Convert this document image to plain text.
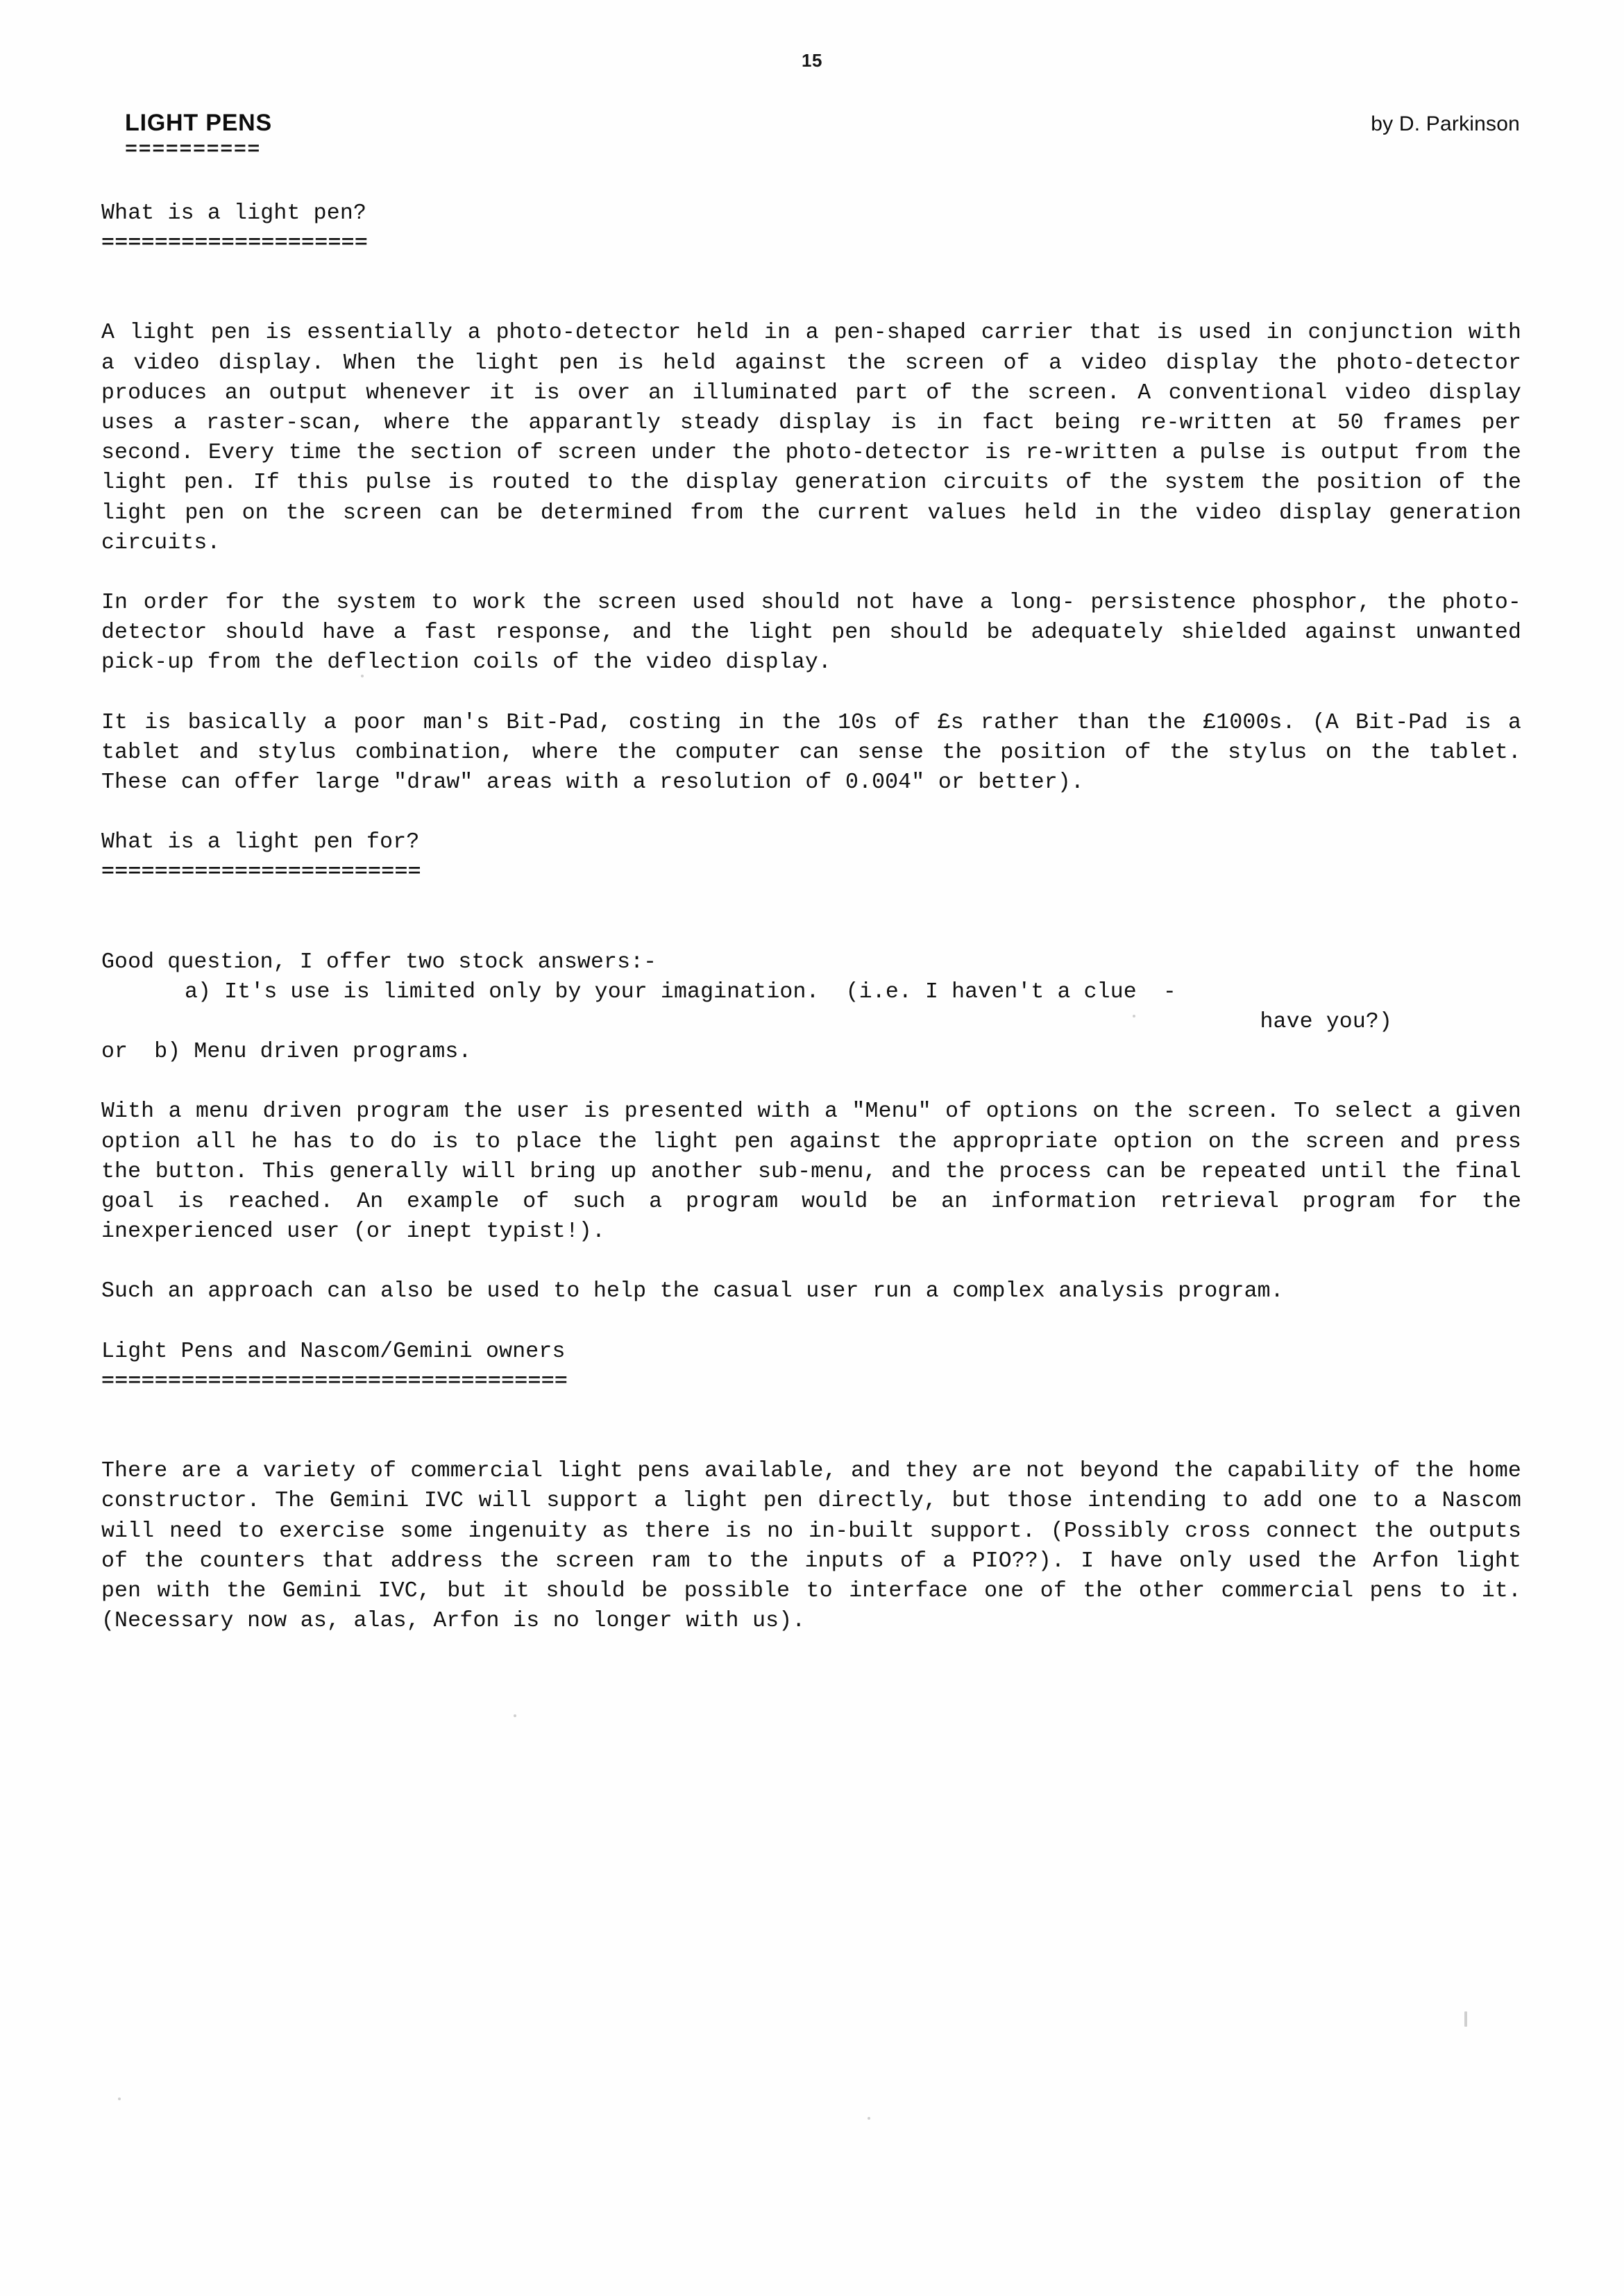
15
LIGHT PENS	by D. Parkinson
==========

What is a light pen?

====================

A light pen is essentially a photo-detector held in a pen-shaped carrier that is used in conjunction with a video display. When the light pen is held against the screen of a video display the photo-detector produces an output whenever it is over an illuminated part of the screen. A conventional video display uses a raster-scan, where the apparantly steady display is in fact being re-written at 50 frames per second. Every time the section of screen under the photo-detector is re-written a pulse is output from the light pen. If this pulse is routed to the display generation circuits of the system the position of the light pen on the screen can be determined from the current values held in the video display generation circuits.

In order for the system to work the screen used should not have a long- persistence phosphor, the photo-detector should have a fast response, and the light pen should be adequately shielded against unwanted pick-up from the deflection coils of the video display.

It is basically a poor man's Bit-Pad, costing in the 10s of £s rather than the £1000s. (A Bit-Pad is a tablet and stylus combination, where the computer can sense the position of the stylus on the tablet. These can offer large "draw" areas with a resolution of 0.004" or better).

What is a light pen for?

========================

Good question, I offer two stock answers:-

a) It's use is limited only by your imagination.  (i.e. I haven't a clue  -

have you?)

or  b) Menu driven programs.

With a menu driven program the user is presented with a "Menu" of options on the screen. To select a given option all he has to do is to place the light pen against the appropriate option on the screen and press the button. This generally will bring up another sub-menu, and the process can be repeated until the final goal is reached. An example of such a program would be an information retrieval program for the inexperienced user (or inept typist!).

Such an approach can also be used to help the casual user run a complex analysis program.

Light Pens and Nascom/Gemini owners

===================================

There are a variety of commercial light pens available, and they are not beyond the capability of the home constructor. The Gemini IVC will support a light pen directly, but those intending to add one to a Nascom will need to exercise some ingenuity as there is no in-built support. (Possibly cross connect the outputs of the counters that address the screen ram to the inputs of a PIO??). I have only used the Arfon light pen with the Gemini IVC, but it should be possible to interface one of the other commercial pens to it. (Necessary now as, alas, Arfon is no longer with us).
